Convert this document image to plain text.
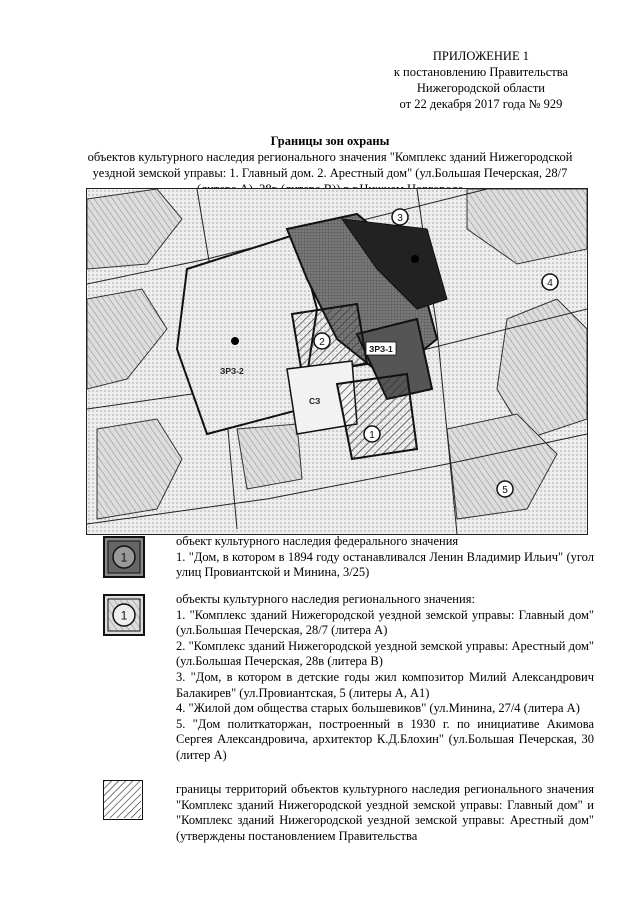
ПРИЛОЖЕНИЕ 1
к постановлению Правительства
Нижегородской области
от 22 декабря 2017 года № 929
Границы зон охраны
объектов культурного наследия регионального значения "Комплекс зданий Нижегородской уездной земской управы: 1. Главный дом. 2. Арестный дом" (ул.Большая Печерская, 28/7
2
1
3
4
5
ЗРЗ-1
ЗРЗ-2
СЗ
1

объект культурного наследия федерального значения

1. "Дом, в котором в 1894 году останавливался Ленин Владимир Ильич" (угол улиц Провиантской и Минина, 3/25)

1

объекты культурного наследия регионального значения:

1. "Комплекс зданий Нижегородской уездной земской управы: Главный дом" (ул.Большая Печерская, 28/7 (литера А)

2. "Комплекс зданий Нижегородской уездной земской управы: Арестный дом" (ул.Большая Печерская, 28в (литера В)

3. "Дом, в котором в детские годы жил композитор Милий Александрович Балакирев" (ул.Провиантская, 5 (литеры А, А1)

4. "Жилой дом общества старых большевиков" (ул.Минина, 27/4 (литера А)

5. "Дом политкаторжан, построенный в 1930 г. по инициативе Акимова Сергея Александровича, архитектор К.Д.Блохин" (ул.Большая Печерская, 30 (литер А)

границы территорий объектов культурного наследия регионального значения "Комплекс зданий Нижегородской уездной земской управы: Главный дом" и "Комплекс зданий Нижегородской уездной земской управы: Арестный дом" (утверждены постановлением Правительства
